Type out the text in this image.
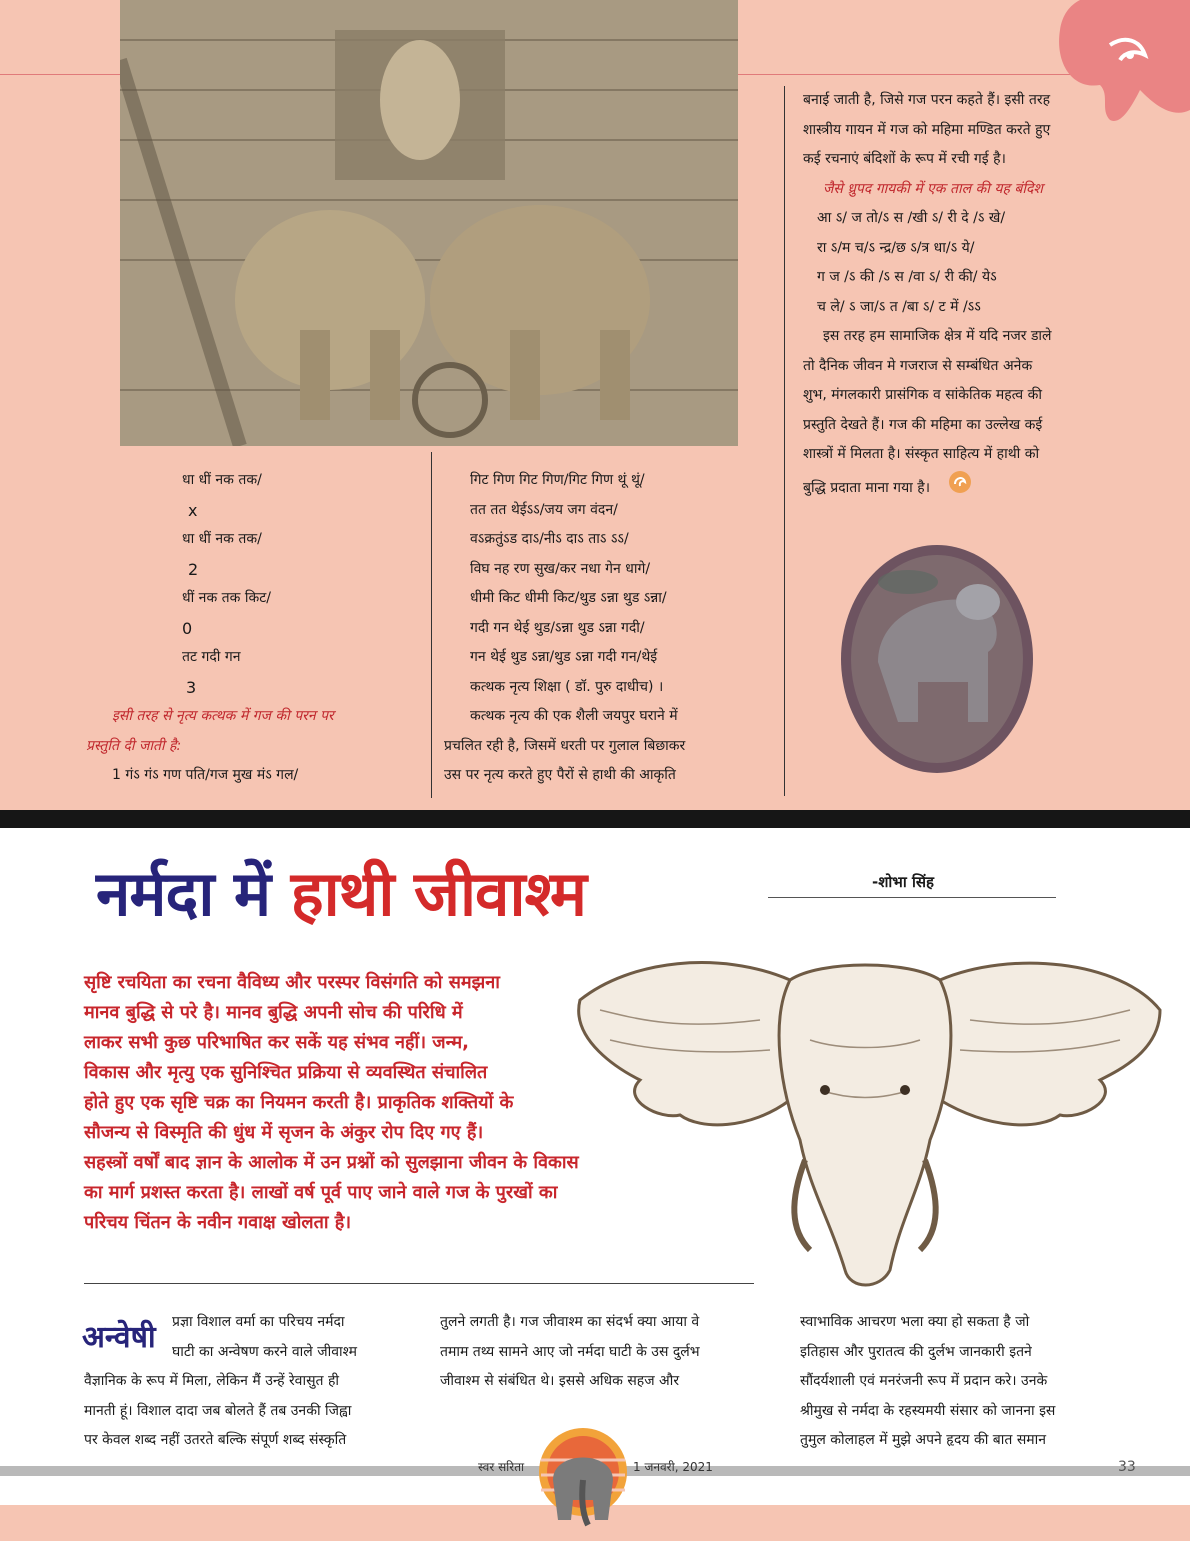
बनाई जाती है, जिसे गज परन कहते हैं। इसी तरह

शास्त्रीय गायन में गज को महिमा मण्डित करते हुए

कई रचनाएं बंदिशों के रूप में रची गई है।

जैसे ध्रुपद गायकी में एक ताल की यह बंदिश

आ ऽ/ ज तो/ऽ स /खी ऽ/ री दे /ऽ खे/

रा ऽ/म च/ऽ न्द्र/छ ऽ/त्र धा/ऽ ये/

ग ज /ऽ की /ऽ स /वा ऽ/ री की/ येऽ

च ले/ ऽ जा/ऽ त /बा ऽ/ ट में /ऽऽ

इस तरह हम सामाजिक क्षेत्र में यदि नजर डाले

तो दैनिक जीवन मे गजराज से सम्बंधित अनेक

शुभ, मंगलकारी प्रासंगिक व सांकेतिक महत्व की

प्रस्तुति देखते हैं। गज की महिमा का उल्लेख कई

शास्त्रों में मिलता है। संस्कृत साहित्य में हाथी को

बुद्धि प्रदाता माना गया है।

धा धीं नक तक/

x

धा धीं नक तक/

2

धीं नक तक किट/

0

तट गदी गन

3

इसी तरह से नृत्य कत्थक में गज की परन पर

प्रस्तुति दी जाती है:

1 गंऽ गंऽ गण पति/गज मुख मंऽ गल/

गिट गिण गिट गिण/गिट गिण थूं थूं/

तत तत थेईऽऽ/जय जग वंदन/

वऽक्रतुंऽड दाऽ/नीऽ दाऽ ताऽ ऽऽ/

विघ नह रण सुख/कर नधा गेन धागे/

धीमी किट धीमी किट/थुड ऽन्ना थुड ऽन्ना/

गदी गन थेई थुड/ऽन्ना थुड ऽन्ना गदी/

गन थेई थुड ऽन्ना/थुड ऽन्ना गदी गन/थेई

कत्थक नृत्य शिक्षा ( डॉ. पुरु दाधीच) ।

कत्थक नृत्य की एक शैली जयपुर घराने में

प्रचलित रही है, जिसमें धरती पर गुलाल बिछाकर

उस पर नृत्य करते हुए पैरों से हाथी की आकृति

नर्मदा में हाथी जीवाश्म	-शोभा सिंह

सृष्टि रचयिता का रचना वैविध्य और परस्पर विसंगति को समझना

मानव बुद्धि से परे है। मानव बुद्धि अपनी सोच की परिधि में

लाकर सभी कुछ परिभाषित कर सकें यह संभव नहीं। जन्म,

विकास और मृत्यु एक सुनिश्चित प्रक्रिया से व्यवस्थित संचालित

होते हुए एक सृष्टि चक्र का नियमन करती है। प्राकृतिक शक्तियों के

सौजन्य से विस्मृति की धुंध में सृजन के अंकुर रोप दिए गए हैं।

सहस्त्रों वर्षों बाद ज्ञान के आलोक में उन प्रश्नों को सुलझाना जीवन के विकास

का मार्ग प्रशस्त करता है। लाखों वर्ष पूर्व पाए जाने वाले गज के पुरखों का

परिचय चिंतन के नवीन गवाक्ष खोलता है।

अन्वेषी	प्रज्ञा विशाल वर्मा का परिचय नर्मदा

घाटी का अन्वेषण करने वाले जीवाश्म

वैज्ञानिक के रूप में मिला, लेकिन मैं उन्हें रेवासुत ही

मानती हूं। विशाल दादा जब बोलते हैं तब उनकी जिह्वा

पर केवल शब्द नहीं उतरते बल्कि संपूर्ण शब्द संस्कृति

तुलने लगती है। गज जीवाश्म का संदर्भ क्या आया वे

तमाम तथ्य सामने आए जो नर्मदा घाटी के उस दुर्लभ

जीवाश्म से संबंधित थे। इससे अधिक सहज और

स्वाभाविक आचरण भला क्या हो सकता है जो

इतिहास और पुरातत्व की दुर्लभ जानकारी इतने

सौंदर्यशाली एवं मनरंजनी रूप में प्रदान करे। उनके

श्रीमुख से नर्मदा के रहस्यमयी संसार को जानना इस

तुमुल कोलाहल में मुझे अपने हृदय की बात समान

स्वर सरिता	1 जनवरी, 2021	33
